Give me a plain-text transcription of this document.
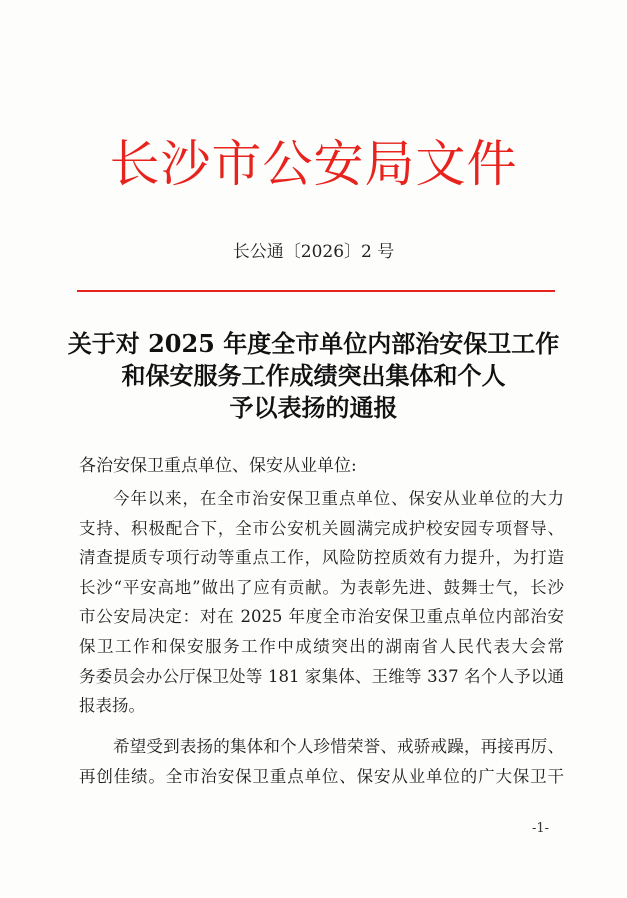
长沙市公安局文件
长公通〔2026〕2 号
关于对 2025 年度全市单位内部治安保卫工作
和保安服务工作成绩突出集体和个人
予以表扬的通报
各治安保卫重点单位、保安从业单位:
今年以来，在全市治安保卫重点单位、保安从业单位的大力
支持、积极配合下，全市公安机关圆满完成护校安园专项督导、
清查提质专项行动等重点工作，风险防控质效有力提升，为打造
长沙“平安高地”做出了应有贡献。为表彰先进、鼓舞士气，长沙
市公安局决定：对在 2025 年度全市治安保卫重点单位内部治安
保卫工作和保安服务工作中成绩突出的湖南省人民代表大会常
务委员会办公厅保卫处等 181 家集体、王维等 337 名个人予以通
报表扬。
希望受到表扬的集体和个人珍惜荣誉、戒骄戒躁，再接再厉、
再创佳绩。全市治安保卫重点单位、保安从业单位的广大保卫干
-1-
